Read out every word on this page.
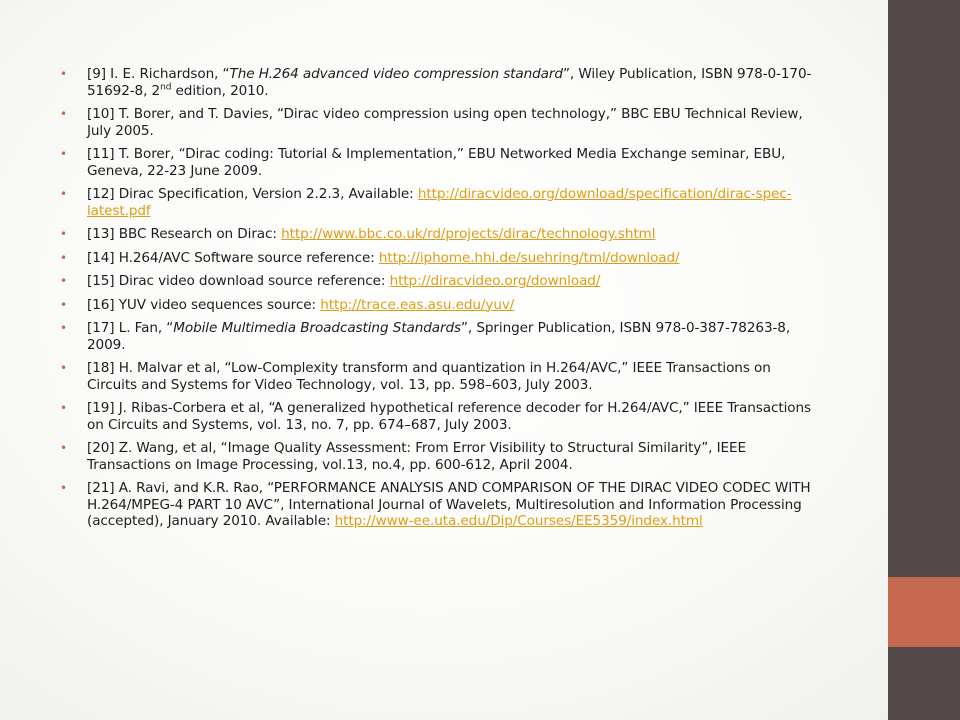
• [9] I. E. Richardson, “The H.264 advanced video compression standard”, Wiley Publication, ISBN 978-0-170-51692-8, 2nd edition, 2010.
• [10] T. Borer, and T. Davies, “Dirac video compression using open technology,” BBC EBU Technical Review, July 2005.
• [11] T. Borer, “Dirac coding: Tutorial & Implementation,” EBU Networked Media Exchange seminar, EBU, Geneva, 22-23 June 2009.
• [12] Dirac Specification, Version 2.2.3, Available: http://diracvideo.org/download/specification/dirac-spec-latest.pdf
• [13] BBC Research on Dirac: http://www.bbc.co.uk/rd/projects/dirac/technology.shtml
• [14] H.264/AVC Software source reference: http://iphome.hhi.de/suehring/tml/download/
• [15] Dirac video download source reference: http://diracvideo.org/download/
• [16] YUV video sequences source: http://trace.eas.asu.edu/yuv/
• [17] L. Fan, “Mobile Multimedia Broadcasting Standards”, Springer Publication, ISBN 978-0-387-78263-8, 2009.
• [18] H. Malvar et al, “Low-Complexity transform and quantization in H.264/AVC,” IEEE Transactions on Circuits and Systems for Video Technology, vol. 13, pp. 598–603, July 2003.
• [19] J. Ribas-Corbera et al, “A generalized hypothetical reference decoder for H.264/AVC,” IEEE Transactions on Circuits and Systems, vol. 13, no. 7, pp. 674–687, July 2003.
• [20] Z. Wang, et al, “Image Quality Assessment: From Error Visibility to Structural Similarity”, IEEE Transactions on Image Processing, vol.13, no.4, pp. 600-612, April 2004.
• [21] A. Ravi, and K.R. Rao, “PERFORMANCE ANALYSIS AND COMPARISON OF THE DIRAC VIDEO CODEC WITH H.264/MPEG-4 PART 10 AVC”, International Journal of Wavelets, Multiresolution and Information Processing (accepted), January 2010. Available: http://www-ee.uta.edu/Dip/Courses/EE5359/index.html
